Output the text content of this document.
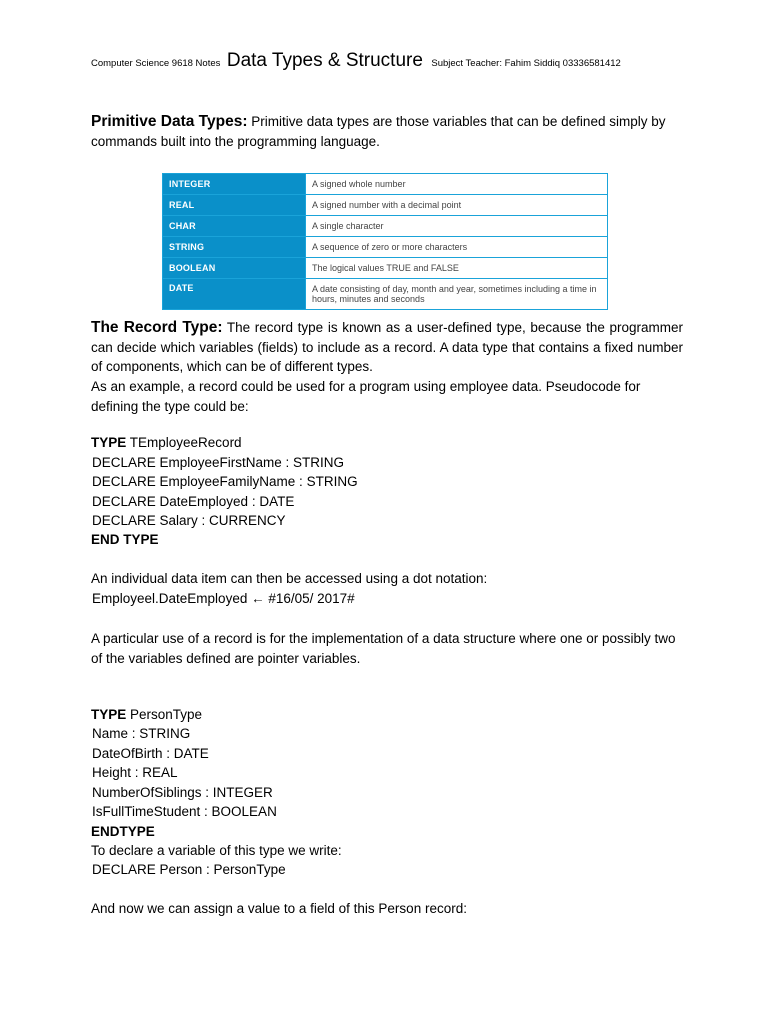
Computer Science 9618 Notes Data Types & Structure Subject Teacher: Fahim Siddiq 03336581412
Primitive Data Types: Primitive data types are those variables that can be defined simply by commands built into the programming language.
INTEGER	A signed whole number
REAL	A signed number with a decimal point
CHAR	A single character
STRING	A sequence of zero or more characters
BOOLEAN	The logical values TRUE and FALSE
DATE	A date consisting of day, month and year, sometimes including a time in hours, minutes and seconds
The Record Type: The record type is known as a user-defined type, because the programmer can decide which variables (fields) to include as a record. A data type that contains a fixed number of components, which can be of different types.
As an example, a record could be used for a program using employee data. Pseudocode for defining the type could be:
TYPE TEmployeeRecord
DECLARE EmployeeFirstName : STRING
DECLARE EmployeeFamilyName : STRING
DECLARE DateEmployed : DATE
DECLARE Salary : CURRENCY
END TYPE
An individual data item can then be accessed using a dot notation:
Employeel.DateEmployed ← #16/05/ 2017#
A particular use of a record is for the implementation of a data structure where one or possibly two of the variables defined are pointer variables.
TYPE PersonType
Name : STRING
DateOfBirth : DATE
Height : REAL
NumberOfSiblings : INTEGER
IsFullTimeStudent : BOOLEAN
ENDTYPE
To declare a variable of this type we write:
DECLARE Person : PersonType
And now we can assign a value to a field of this Person record:
